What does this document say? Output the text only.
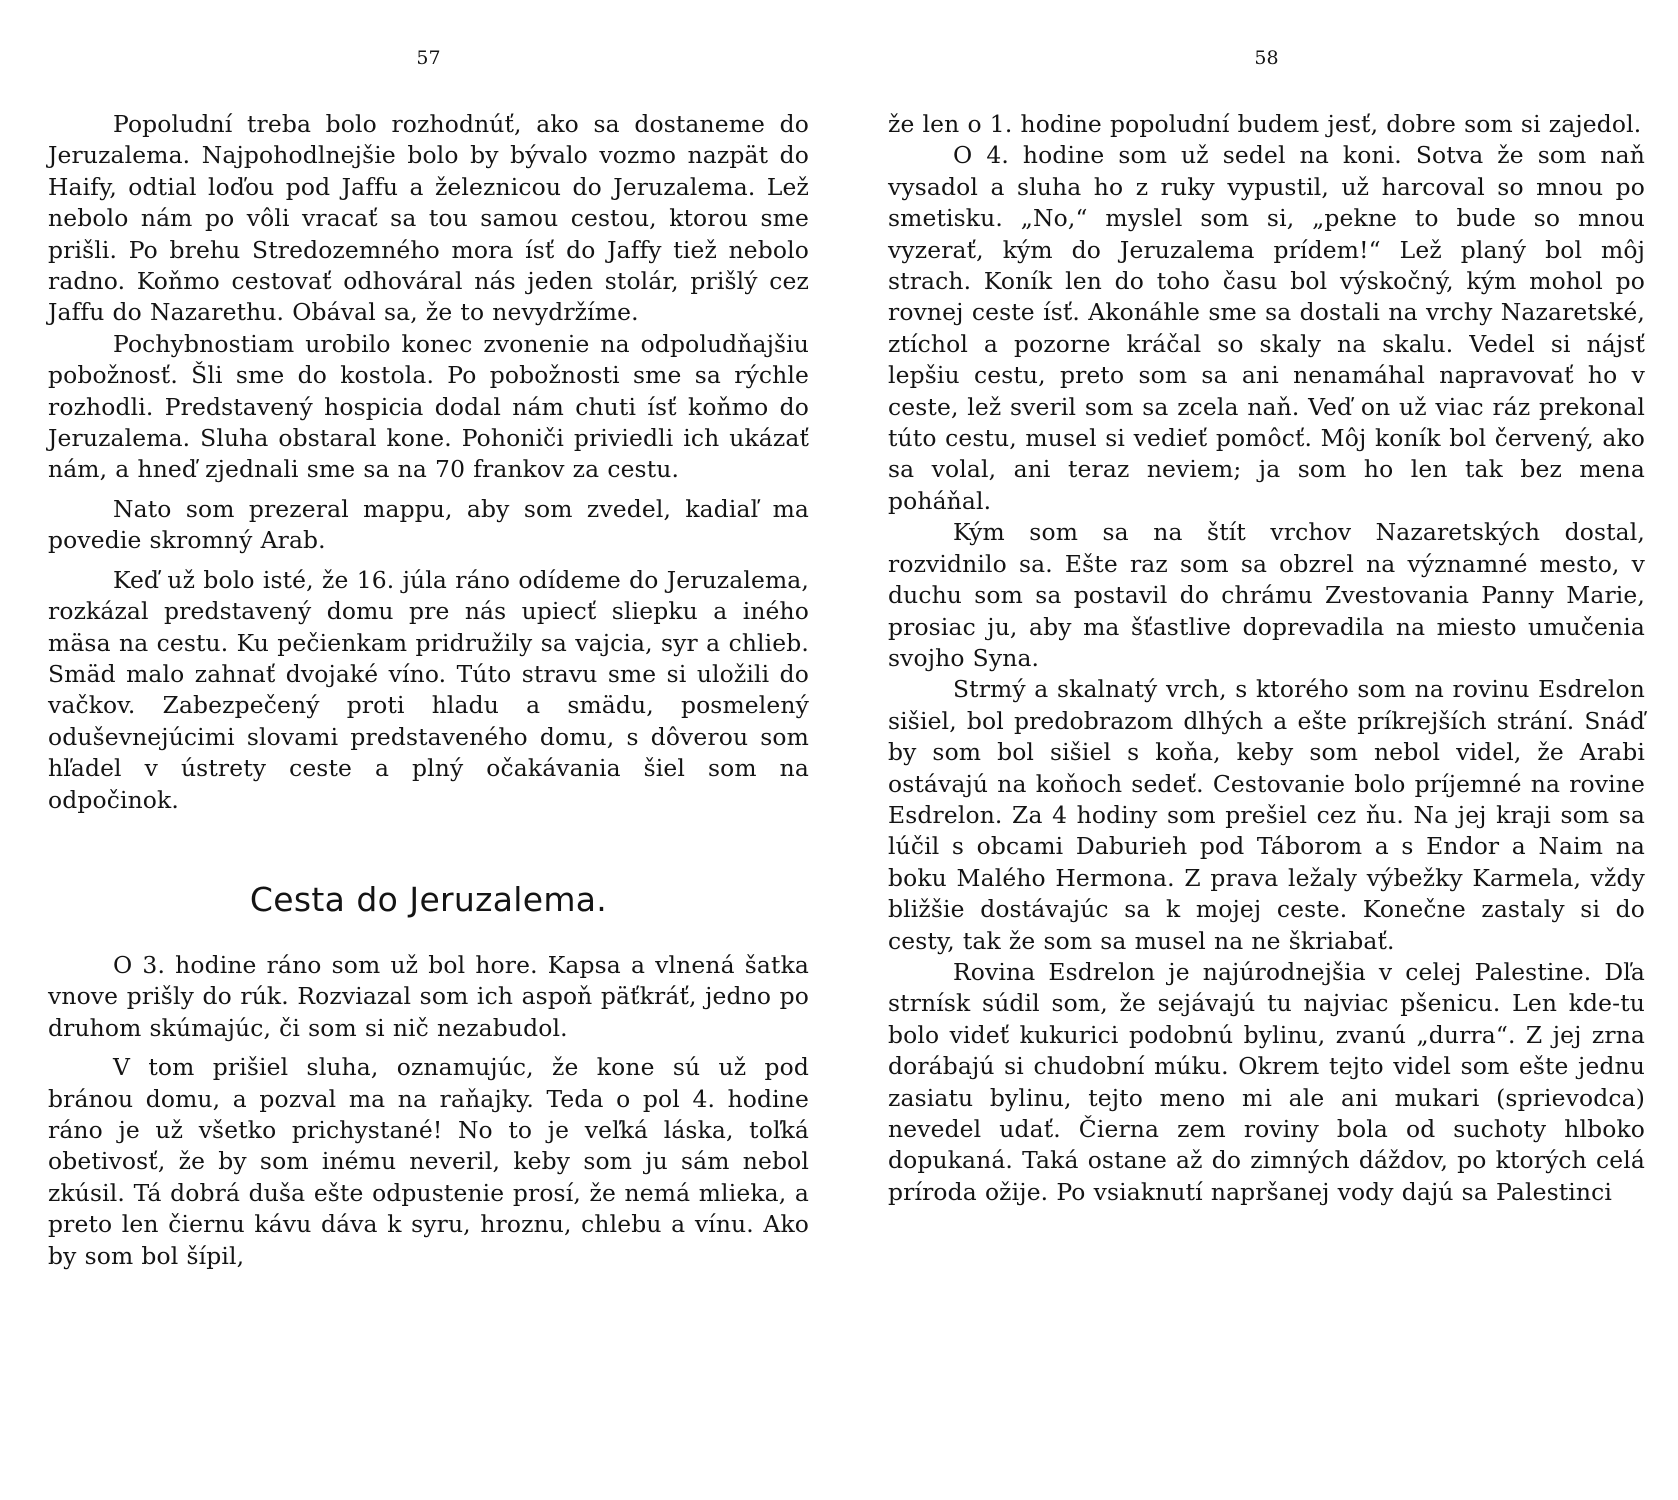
57

Popoludní treba bolo rozhodnúť, ako sa dostaneme do Jeruzalema. Najpohodlnejšie bolo by bývalo vozmo nazpät do Haify, odtial loďou pod Jaffu a železnicou do Jeruzalema. Lež nebolo nám po vôli vracať sa tou samou cestou, ktorou sme prišli. Po brehu Stredozemného mora ísť do Jaffy tiež nebolo radno. Koňmo cestovať odhováral nás jeden stolár, prišlý cez Jaffu do Nazarethu. Obával sa, že to nevydržíme.

Pochybnostiam urobilo konec zvonenie na odpoludňajšiu pobožnosť. Šli sme do kostola. Po pobožnosti sme sa rýchle rozhodli. Predstavený hospicia dodal nám chuti ísť koňmo do Jeruzalema. Sluha obstaral kone. Pohoniči priviedli ich ukázať nám, a hneď zjednali sme sa na 70 frankov za cestu.

Nato som prezeral mappu, aby som zvedel, kadiaľ ma povedie skromný Arab.

Keď už bolo isté, že 16. júla ráno odídeme do Jeruzalema, rozkázal predstavený domu pre nás upiecť sliepku a iného mäsa na cestu. Ku pečienkam pridružily sa vajcia, syr a chlieb. Smäd malo zahnať dvojaké víno. Túto stravu sme si uložili do vačkov. Zabezpečený proti hladu a smädu, posmelený oduševnejúcimi slovami predstaveného domu, s dôverou som hľadel v ústrety ceste a plný očakávania šiel som na odpočinok.

Cesta do Jeruzalema.

O 3. hodine ráno som už bol hore. Kapsa a vlnená šatka vnove prišly do rúk. Rozviazal som ich aspoň päťkráť, jedno po druhom skúmajúc, či som si nič nezabudol.

V tom prišiel sluha, oznamujúc, že kone sú už pod bránou domu, a pozval ma na raňajky. Teda o pol 4. hodine ráno je už všetko prichystané! No to je veľká láska, toľká obetivosť, že by som inému neveril, keby som ju sám nebol zkúsil. Tá dobrá duša ešte odpustenie prosí, že nemá mlieka, a preto len čiernu kávu dáva k syru, hroznu, chlebu a vínu. Ako by som bol šípil,

58

že len o 1. hodine popoludní budem jesť, dobre som si zajedol.

O 4. hodine som už sedel na koni. Sotva že som naň vysadol a sluha ho z ruky vypustil, už harcoval so mnou po smetisku. „No,“ myslel som si, „pekne to bude so mnou vyzerať, kým do Jeruzalema prídem!“ Lež planý bol môj strach. Koník len do toho času bol výskočný, kým mohol po rovnej ceste ísť. Akonáhle sme sa dostali na vrchy Nazaretské, ztíchol a pozorne kráčal so skaly na skalu. Vedel si nájsť lepšiu cestu, preto som sa ani nenamáhal napravovať ho v ceste, lež sveril som sa zcela naň. Veď on už viac ráz prekonal túto cestu, musel si vedieť pomôcť. Môj koník bol červený, ako sa volal, ani teraz neviem; ja som ho len tak bez mena poháňal.

Kým som sa na štít vrchov Nazaretských dostal, rozvidnilo sa. Ešte raz som sa obzrel na významné mesto, v duchu som sa postavil do chrámu Zvestovania Panny Marie, prosiac ju, aby ma šťastlive doprevadila na miesto umučenia svojho Syna.

Strmý a skalnatý vrch, s ktorého som na rovinu Esdrelon sišiel, bol predobrazom dlhých a ešte príkrejších strání. Snáď by som bol sišiel s koňa, keby som nebol videl, že Arabi ostávajú na koňoch sedeť. Cestovanie bolo príjemné na rovine Esdrelon. Za 4 hodiny som prešiel cez ňu. Na jej kraji som sa lúčil s obcami Daburieh pod Táborom a s Endor a Naim na boku Malého Hermona. Z prava ležaly výbežky Karmela, vždy bližšie dostávajúc sa k mojej ceste. Konečne zastaly si do cesty, tak že som sa musel na ne škriabať.

Rovina Esdrelon je najúrodnejšia v celej Palestine. Dľa strnísk súdil som, že sejávajú tu najviac pšenicu. Len kde-tu bolo videť kukurici podobnú bylinu, zvanú „durra“. Z jej zrna dorábajú si chudobní múku. Okrem tejto videl som ešte jednu zasiatu bylinu, tejto meno mi ale ani mukari (sprievodca) nevedel udať. Čierna zem roviny bola od suchoty hlboko dopukaná. Taká ostane až do zimných dáždov, po ktorých celá príroda ožije. Po vsiaknutí napršanej vody dajú sa Palestinci
